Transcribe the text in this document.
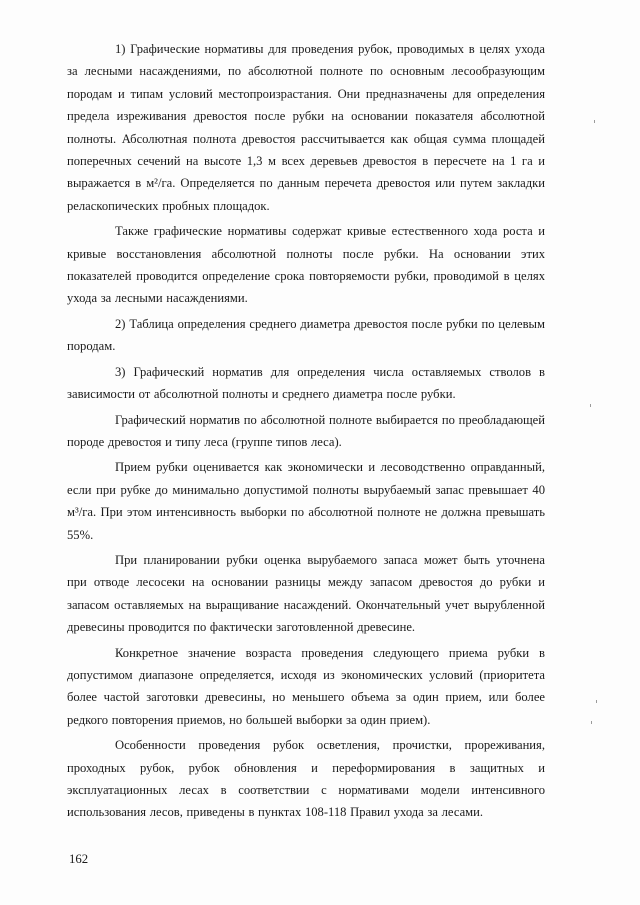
1) Графические нормативы для проведения рубок, проводимых в целях ухода за лесными насаждениями, по абсолютной полноте по основным лесообразующим породам и типам условий местопроизрастания. Они предназначены для определения предела изреживания древостоя после рубки на основании показателя абсолютной полноты. Абсолютная полнота древостоя рассчитывается как общая сумма площадей поперечных сечений на высоте 1,3 м всех деревьев древостоя в пересчете на 1 га и выражается в м²/га. Определяется по данным перечета древостоя или путем закладки реласкопических пробных площадок.

Также графические нормативы содержат кривые естественного хода роста и кривые восстановления абсолютной полноты после рубки. На основании этих показателей проводится определение срока повторяемости рубки, проводимой в целях ухода за лесными насаждениями.

2) Таблица определения среднего диаметра древостоя после рубки по целевым породам.

3) Графический норматив для определения числа оставляемых стволов в зависимости от абсолютной полноты и среднего диаметра после рубки.

Графический норматив по абсолютной полноте выбирается по преобладающей породе древостоя и типу леса (группе типов леса).

Прием рубки оценивается как экономически и лесоводственно оправданный, если при рубке до минимально допустимой полноты вырубаемый запас превышает 40 м³/га. При этом интенсивность выборки по абсолютной полноте не должна превышать 55%.

При планировании рубки оценка вырубаемого запаса может быть уточнена при отводе лесосеки на основании разницы между запасом древостоя до рубки и запасом оставляемых на выращивание насаждений. Окончательный учет вырубленной древесины проводится по фактически заготовленной древесине.

Конкретное значение возраста проведения следующего приема рубки в допустимом диапазоне определяется, исходя из экономических условий (приоритета более частой заготовки древесины, но меньшего объема за один прием, или более редкого повторения приемов, но большей выборки за один прием).

Особенности проведения рубок осветления, прочистки, прореживания, проходных рубок, рубок обновления и переформирования в защитных и эксплуатационных лесах в соответствии с нормативами модели интенсивного использования лесов, приведены в пунктах 108-118 Правил ухода за лесами.

162
